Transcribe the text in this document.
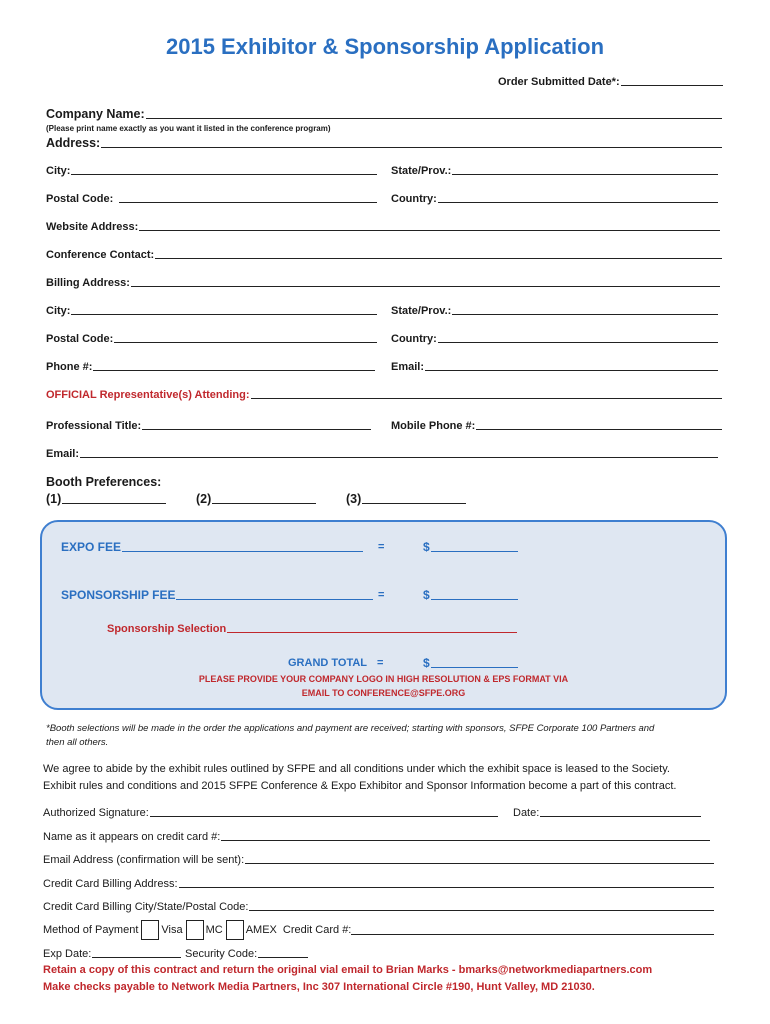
2015 Exhibitor & Sponsorship Application
Order Submitted Date*:
Company Name:
(Please print name exactly as you want it listed in the conference program)
Address:
City:	State/Prov.:
Postal Code:	Country:
Website Address:
Conference Contact:
Billing Address:
City:	State/Prov.:
Postal Code:	Country:
Phone #:	Email:
OFFICIAL Representative(s) Attending:
Professional Title:	Mobile Phone #:
Email:
Booth Preferences:
(1)	(2)	(3)
EXPO FEE	=	$
SPONSORSHIP FEE	=	$
Sponsorship Selection
GRAND TOTAL =	$
PLEASE PROVIDE YOUR COMPANY LOGO IN HIGH RESOLUTION & EPS FORMAT VIA
EMAIL TO CONFERENCE@SFPE.ORG
*Booth selections will be made in the order the applications and payment are received; starting with sponsors, SFPE Corporate 100 Partners and
then all others.
We agree to abide by the exhibit rules outlined by SFPE and all conditions under which the exhibit space is leased to the Society.
Exhibit rules and conditions and 2015 SFPE Conference & Expo Exhibitor and Sponsor Information become a part of this contract.
Authorized Signature:	Date:
Name as it appears on credit card #:
Email Address (confirmation will be sent):
Credit Card Billing Address:
Credit Card Billing City/State/Postal Code:
Method of Payment Visa MC AMEX Credit Card #:
Exp Date:	Security Code:
Retain a copy of this contract and return the original vial email to Brian Marks - bmarks@networkmediapartners.com
Make checks payable to Network Media Partners, Inc 307 International Circle #190, Hunt Valley, MD 21030.
